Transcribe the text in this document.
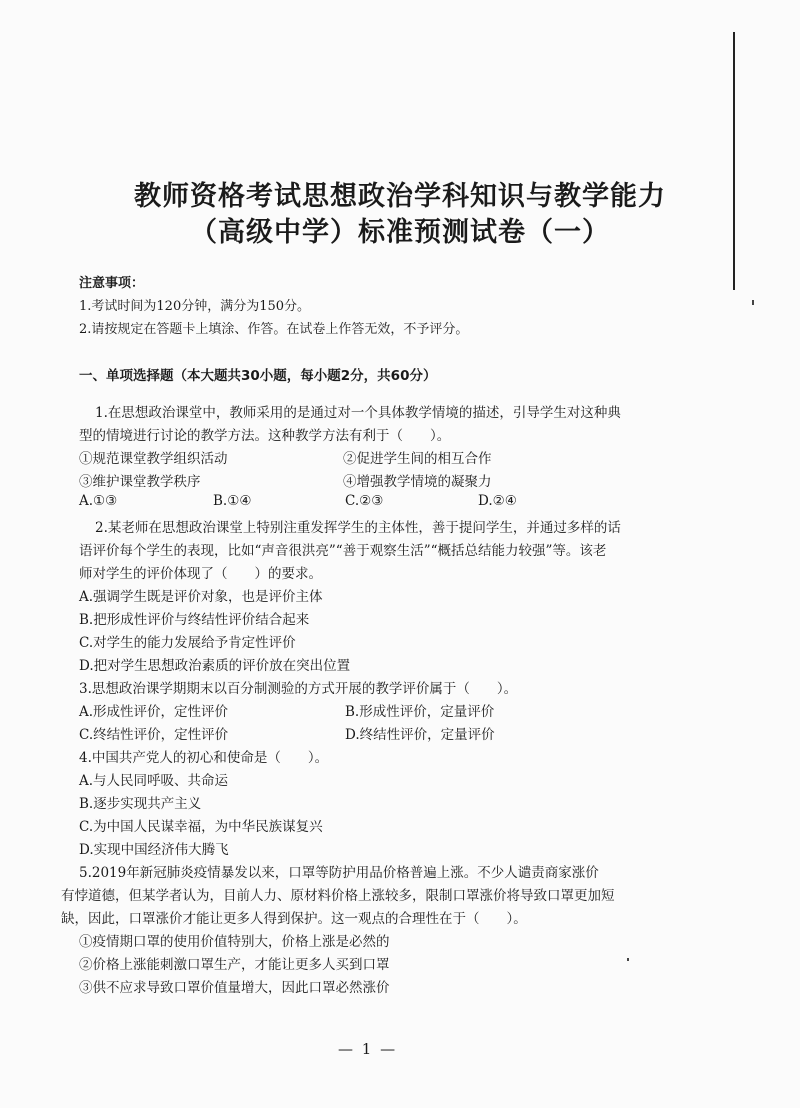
教师资格考试思想政治学科知识与教学能力
（高级中学）标准预测试卷（一）
注意事项：
1.考试时间为120分钟，满分为150分。
2.请按规定在答题卡上填涂、作答。在试卷上作答无效，不予评分。
一、单项选择题（本大题共30小题，每小题2分，共60分）
1.在思想政治课堂中，教师采用的是通过对一个具体教学情境的描述，引导学生对这种典
型的情境进行讨论的教学方法。这种教学方法有利于（　　）。
①规范课堂教学组织活动	②促进学生间的相互合作
③维护课堂教学秩序	④增强教学情境的凝聚力
A.①③	B.①④	C.②③	D.②④
2.某老师在思想政治课堂上特别注重发挥学生的主体性，善于提问学生，并通过多样的话
语评价每个学生的表现，比如“声音很洪亮”“善于观察生活”“概括总结能力较强”等。该老
师对学生的评价体现了（　　）的要求。
A.强调学生既是评价对象，也是评价主体
B.把形成性评价与终结性评价结合起来
C.对学生的能力发展给予肯定性评价
D.把对学生思想政治素质的评价放在突出位置
3.思想政治课学期期末以百分制测验的方式开展的教学评价属于（　　）。
A.形成性评价，定性评价	B.形成性评价，定量评价
C.终结性评价，定性评价	D.终结性评价，定量评价
4.中国共产党人的初心和使命是（　　）。
A.与人民同呼吸、共命运
B.逐步实现共产主义
C.为中国人民谋幸福，为中华民族谋复兴
D.实现中国经济伟大腾飞
5.2019年新冠肺炎疫情暴发以来，口罩等防护用品价格普遍上涨。不少人谴责商家涨价
有悖道德，但某学者认为，目前人力、原材料价格上涨较多，限制口罩涨价将导致口罩更加短
缺，因此，口罩涨价才能让更多人得到保护。这一观点的合理性在于（　　）。
①疫情期口罩的使用价值特别大，价格上涨是必然的
②价格上涨能刺激口罩生产，才能让更多人买到口罩
③供不应求导致口罩价值量增大，因此口罩必然涨价
— 1 —
